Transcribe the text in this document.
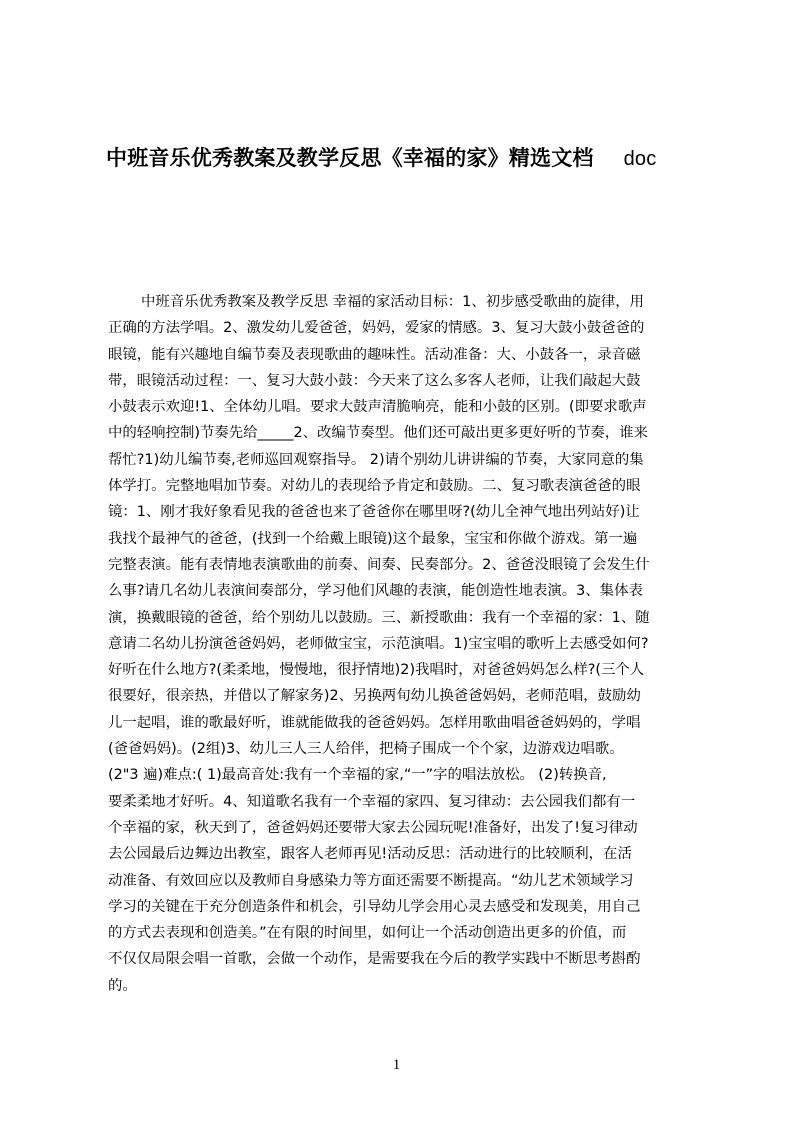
中班音乐优秀教案及教学反思《幸福的家》精选文档 doc
中班音乐优秀教案及教学反思 幸福的家活动目标：1、初步感受歌曲的旋律，用
正确的方法学唱。2、激发幼儿爱爸爸，妈妈，爱家的情感。3、复习大鼓小鼓爸爸的
眼镜，能有兴趣地自编节奏及表现歌曲的趣味性。活动准备：大、小鼓各一，录音磁
带，眼镜活动过程：一、复习大鼓小鼓：今天来了这么多客人老师，让我们敲起大鼓
小鼓表示欢迎!1、全体幼儿唱。要求大鼓声清脆响亮，能和小鼓的区别。(即要求歌声
中的轻响控制)节奏先给_____2、改编节奏型。他们还可敲出更多更好听的节奏，谁来
帮忙?1)幼儿编节奏,老师巡回观察指导。 2)请个别幼儿讲讲编的节奏，大家同意的集
体学打。完整地唱加节奏。对幼儿的表现给予肯定和鼓励。二、复习歌表演爸爸的眼
镜：1、刚才我好象看见我的爸爸也来了爸爸你在哪里呀?(幼儿全神气地出列站好)让
我找个最神气的爸爸，(找到一个给戴上眼镜)这个最象，宝宝和你做个游戏。第一遍
完整表演。能有表情地表演歌曲的前奏、间奏、民奏部分。2、爸爸没眼镜了会发生什
么事?请几名幼儿表演间奏部分，学习他们风趣的表演，能创造性地表演。3、集体表
演，换戴眼镜的爸爸，给个别幼儿以鼓励。三、新授歌曲：我有一个幸福的家：1、随
意请二名幼儿扮演爸爸妈妈，老师做宝宝，示范演唱。1)宝宝唱的歌听上去感受如何?
好听在什么地方?(柔柔地，慢慢地，很抒情地)2)我唱时，对爸爸妈妈怎么样?(三个人
很要好，很亲热，并借以了解家务)2、另换两旬幼儿换爸爸妈妈，老师范唱，鼓励幼
儿一起唱，谁的歌最好听，谁就能做我的爸爸妈妈。怎样用歌曲唱爸爸妈妈的，学唱
(爸爸妈妈)。(2组)3、幼儿三人三人给伴，把椅子围成一个个家，边游戏边唱歌。
(2"3 遍)难点:( 1)最高音处:我有一个幸福的家,“一”字的唱法放松。 (2)转换音,
要柔柔地才好听。4、知道歌名我有一个幸福的家四、复习律动：去公园我们都有一
个幸福的家，秋天到了，爸爸妈妈还要带大家去公园玩呢!准备好，出发了!复习律动
去公园最后边舞边出教室，跟客人老师再见!活动反思：活动进行的比较顺利，在活
动准备、有效回应以及教师自身感染力等方面还需要不断提高。“幼儿艺术领域学习
学习的关键在于充分创造条件和机会，引导幼儿学会用心灵去感受和发现美，用自己
的方式去表现和创造美。”在有限的时间里，如何让一个活动创造出更多的价值，而
不仅仅局限会唱一首歌，会做一个动作，是需要我在今后的教学实践中不断思考斟酌
的。
1
